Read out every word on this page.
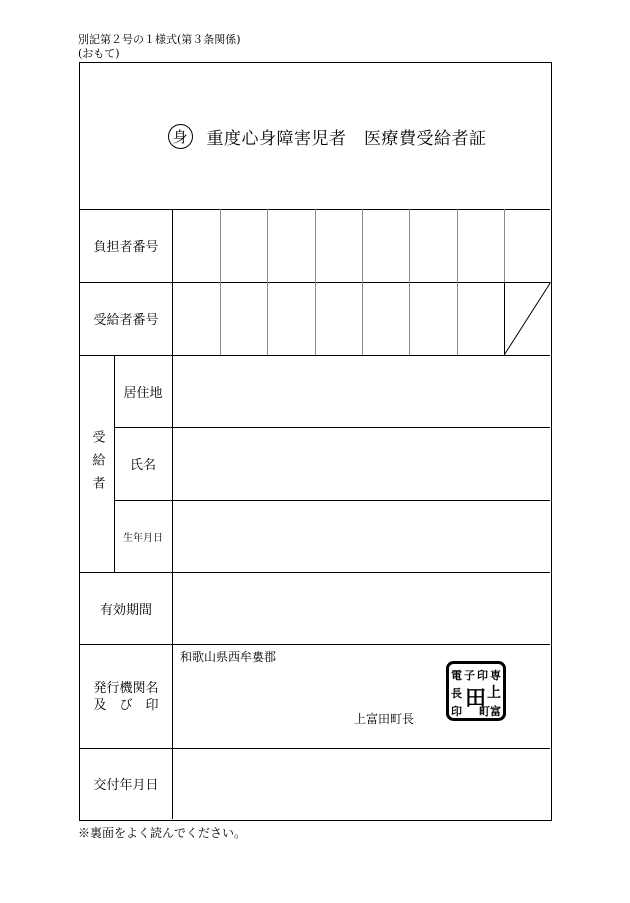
別記第２号の１様式(第３条関係)
(おもて)
身 重度心身障害児者　医療費受給者証
負担者番号
受給者番号
受給者
居住地
氏名
生年月日
有効期間
発行機関名
及　び　印
和歌山県西牟婁郡
上富田町長
電
長
印
子
田
印
町
専
上
富
交付年月日
※裏面をよく読んでください。
